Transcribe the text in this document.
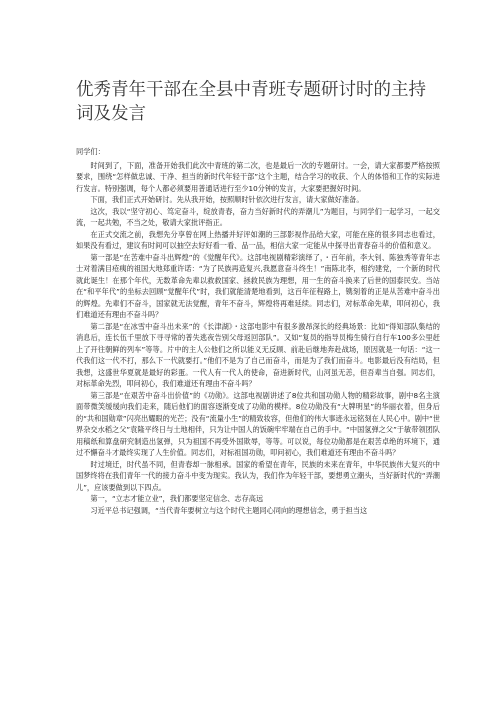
优秀青年干部在全县中青班专题研讨时的主持词及发言

同学们：

时间到了，下面，准备开始我们此次中青班的第二次，也是最后一次的专题研讨。一会，请大家都要严格按照要求，围绕“怎样做忠诚、干净、担当的新时代年轻干部”这个主题，结合学习的收获、个人的体悟和工作的实际进行发言。特别强调，每个人都必须要用普通话进行至少10分钟的发言，大家要把握好时间。

下面，我们正式开始研讨。先从我开始，按照顺时针依次进行发言，请大家做好准备。

这次，我以“坚守初心、笃定奋斗，绽放青春，奋力当好新时代的弄潮儿”为题目，与同学们一起学习，一起交流，一起共勉，不当之处，敬请大家批评指正。

在正式交流之前，我想先分享曾在网上热播并好评如潮的三部影视作品给大家，可能在座的很多同志也看过，如果没有看过，建议有时间可以抽空去好好看一看、品一品，相信大家一定能从中探寻出青春奋斗的价值和意义。

第一部是“在苦难中奋斗出辉煌”的《觉醒年代》。这部电视剧精彩演绎了，・百年前，李大钊、陈独秀等青年志士对着满目疮痍的祖国大地郑重许诺：“为了民族再造复兴,我愿意奋斗终生！”南陈北李，相约建党，一个新的时代就此诞生！在那个年代，无数革命先辈以救救国家、拯救民族为理想，用一生的奋斗换来了后世的国泰民安。当站在“和平年代”的坐标去回顾“觉醒年代”时，我们就能清楚地看到，这百年征程路上，镌刻着的正是从苦难中奋斗出的辉煌。先辈们不奋斗，国家就无法觉醒，青年不奋斗，辉煌将再难延续。同志们，对标革命先辈，叩问初心，我们难道还有理由不奋斗吗？

第二部是“在冰雪中奋斗出未来”的《长津湖》・这部电影中有很多激昂深长的经典场景：比如“得知部队集结的消息后，连长伍千里放下寻寻常的普失逃夜告别父母返回部队”。又如“复员的指导员梅生骑行自行车100多公里赶上了开往朝鲜的列车”等等。片中的主人公他们之所以能义无反顾、前赴后继地奔赴战场，原因就是一句话：“这一代我们这一代不打，那么下一代就要打。”他们不是为了自己而奋斗，而是为了我们而奋斗。电影最后没有结局，但我想，这盛世华夏就是最好的彩蛋。一代人有一代人的使命，奋进新时代，山河虽无恙，但吾辈当自强。同志们，对标革命先烈，叩问初心，我们难道还有理由不奋斗吗？

第三部是“在艰苦中奋斗出价值”的《功勋》。这部电视剧讲述了8位共和国功勋人物的精彩故事，剧中8名主演面带微笑缓缓向我们走来，随后他们的面容逐渐变成了功勋的模样。8位功勋没有“大牌明星”的华丽衣着，但身后的“共和国勋章”闪亮出耀眼的光芒；没有“流量小生”的精致妆容，但他们的伟大事迹永远铭刻在人民心中。剧中“世界杂交水稻之父”袁隆平终日与土地相伴，只为让中国人的饭碗牢牢端在自己的手中。“中国氢弹之父”于敏带领团队用稿纸和算盘研究制造出氢弹，只为祖国不再受外国欺辱，等等。可以说，每位功勋都是在艰苦卓绝的环境下，通过不懈奋斗才最终实现了人生价值。同志们，对标祖国功勋，叩问初心，我们难道还有理由不奋斗吗？

时过境迁，时代虽不同，但青春却一脉相承。国家的希望在青年，民族的未来在青年，中华民族伟大复兴的中国梦终将在我们青年一代的接力奋斗中变为现实。我认为，我们作为年轻干部，要想勇立潮头，当好新时代的“弄潮儿”，应该要做到以下四点。

第一，“立志才能立业”，我们都要坚定信念、志存高远

习近平总书记强调，“当代青年要树立与这个时代主题同心同向的理想信念，勇于担当这
